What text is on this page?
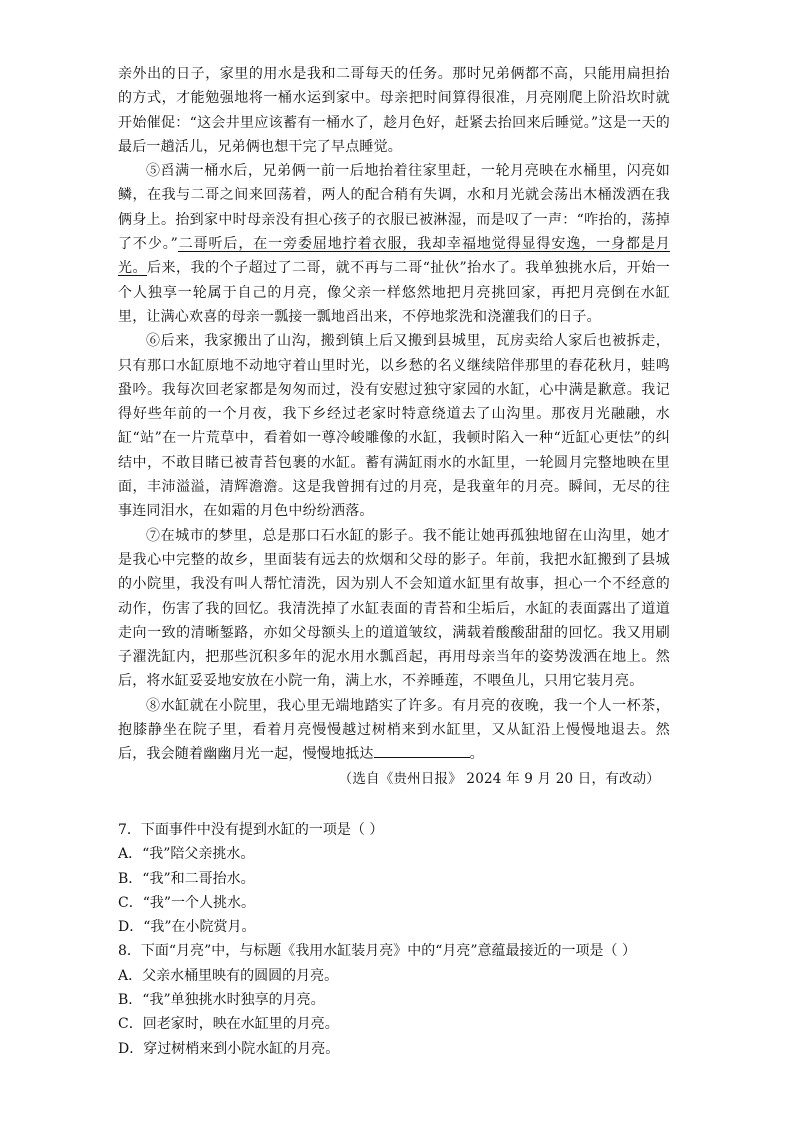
亲外出的日子，家里的用水是我和二哥每天的任务。那时兄弟俩都不高，只能用扁担抬的方式，才能勉强地将一桶水运到家中。母亲把时间算得很准，月亮刚爬上阶沿坎时就开始催促：“这会井里应该蓄有一桶水了，趁月色好，赶紧去抬回来后睡觉。”这是一天的最后一趟活儿，兄弟俩也想干完了早点睡觉。

⑤舀满一桶水后，兄弟俩一前一后地抬着往家里赶，一轮月亮映在水桶里，闪亮如鳞，在我与二哥之间来回荡着，两人的配合稍有失调，水和月光就会荡出木桶泼洒在我俩身上。抬到家中时母亲没有担心孩子的衣服已被淋湿，而是叹了一声：“咋抬的，荡掉了不少。”二哥听后，在一旁委屈地拧着衣服，我却幸福地觉得显得安逸，一身都是月光。后来，我的个子超过了二哥，就不再与二哥“扯伙”抬水了。我单独挑水后，开始一个人独享一轮属于自己的月亮，像父亲一样悠然地把月亮挑回家，再把月亮倒在水缸里，让满心欢喜的母亲一瓢接一瓢地舀出来，不停地浆洗和浇灌我们的日子。

⑥后来，我家搬出了山沟，搬到镇上后又搬到县城里，瓦房卖给人家后也被拆走，只有那口水缸原地不动地守着山里时光，以乡愁的名义继续陪伴那里的春花秋月，蛙鸣蛩吟。我每次回老家都是匆匆而过，没有安慰过独守家园的水缸，心中满是歉意。我记得好些年前的一个月夜，我下乡经过老家时特意绕道去了山沟里。那夜月光融融，水缸“站”在一片荒草中，看着如一尊冷峻雕像的水缸，我顿时陷入一种“近缸心更怯”的纠结中，不敢目睹已被青苔包裹的水缸。蓄有满缸雨水的水缸里，一轮圆月完整地映在里面，丰沛溢溢，清辉澹澹。这是我曾拥有过的月亮，是我童年的月亮。瞬间，无尽的往事连同泪水，在如霜的月色中纷纷洒落。

⑦在城市的梦里，总是那口石水缸的影子。我不能让她再孤独地留在山沟里，她才是我心中完整的故乡，里面装有远去的炊烟和父母的影子。年前，我把水缸搬到了县城的小院里，我没有叫人帮忙清洗，因为别人不会知道水缸里有故事，担心一个不经意的动作，伤害了我的回忆。我清洗掉了水缸表面的青苔和尘垢后，水缸的表面露出了道道走向一致的清晰錾路，亦如父母额头上的道道皱纹，满载着酸酸甜甜的回忆。我又用刷子濯洗缸内，把那些沉积多年的泥水用水瓢舀起，再用母亲当年的姿势泼洒在地上。然后，将水缸妥妥地安放在小院一角，满上水，不养睡莲，不喂鱼儿，只用它装月亮。

⑧水缸就在小院里，我心里无端地踏实了许多。有月亮的夜晚，我一个人一杯茶，抱膝静坐在院子里，看着月亮慢慢越过树梢来到水缸里，又从缸沿上慢慢地退去。然后，我会随着幽幽月光一起，慢慢地抵达	。

（选自《贵州日报》 2024 年 9 月 20 日，有改动）

7．下面事件中没有提到水缸的一项是（ ）

A．“我”陪父亲挑水。

B．“我”和二哥抬水。

C．“我”一个人挑水。

D．“我”在小院赏月。

8．下面“月亮”中，与标题《我用水缸装月亮》中的“月亮”意蕴最接近的一项是（ ）

A．父亲水桶里映有的圆圆的月亮。

B．“我”单独挑水时独享的月亮。

C．回老家时，映在水缸里的月亮。

D．穿过树梢来到小院水缸的月亮。
